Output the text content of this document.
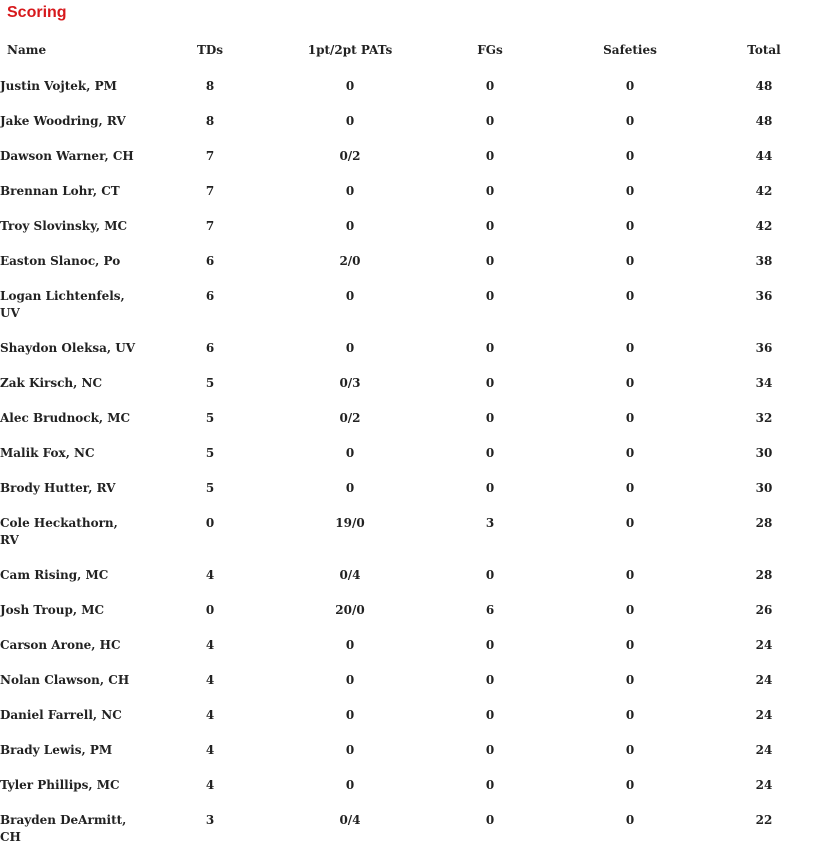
Scoring
Name	TDs	1pt/2pt PATs	FGs	Safeties	Total
Justin Vojtek, PM	8	0	0	0	48
Jake Woodring, RV	8	0	0	0	48
Dawson Warner, CH	7	0/2	0	0	44
Brennan Lohr, CT	7	0	0	0	42
Troy Slovinsky, MC	7	0	0	0	42
Easton Slanoc, Po	6	2/0	0	0	38
Logan Lichtenfels, UV	6	0	0	0	36
Shaydon Oleksa, UV	6	0	0	0	36
Zak Kirsch, NC	5	0/3	0	0	34
Alec Brudnock, MC	5	0/2	0	0	32
Malik Fox, NC	5	0	0	0	30
Brody Hutter, RV	5	0	0	0	30
Cole Heckathorn, RV	0	19/0	3	0	28
Cam Rising, MC	4	0/4	0	0	28
Josh Troup, MC	0	20/0	6	0	26
Carson Arone, HC	4	0	0	0	24
Nolan Clawson, CH	4	0	0	0	24
Daniel Farrell, NC	4	0	0	0	24
Brady Lewis, PM	4	0	0	0	24
Tyler Phillips, MC	4	0	0	0	24
Brayden DeArmitt, CH	3	0/4	0	0	22
